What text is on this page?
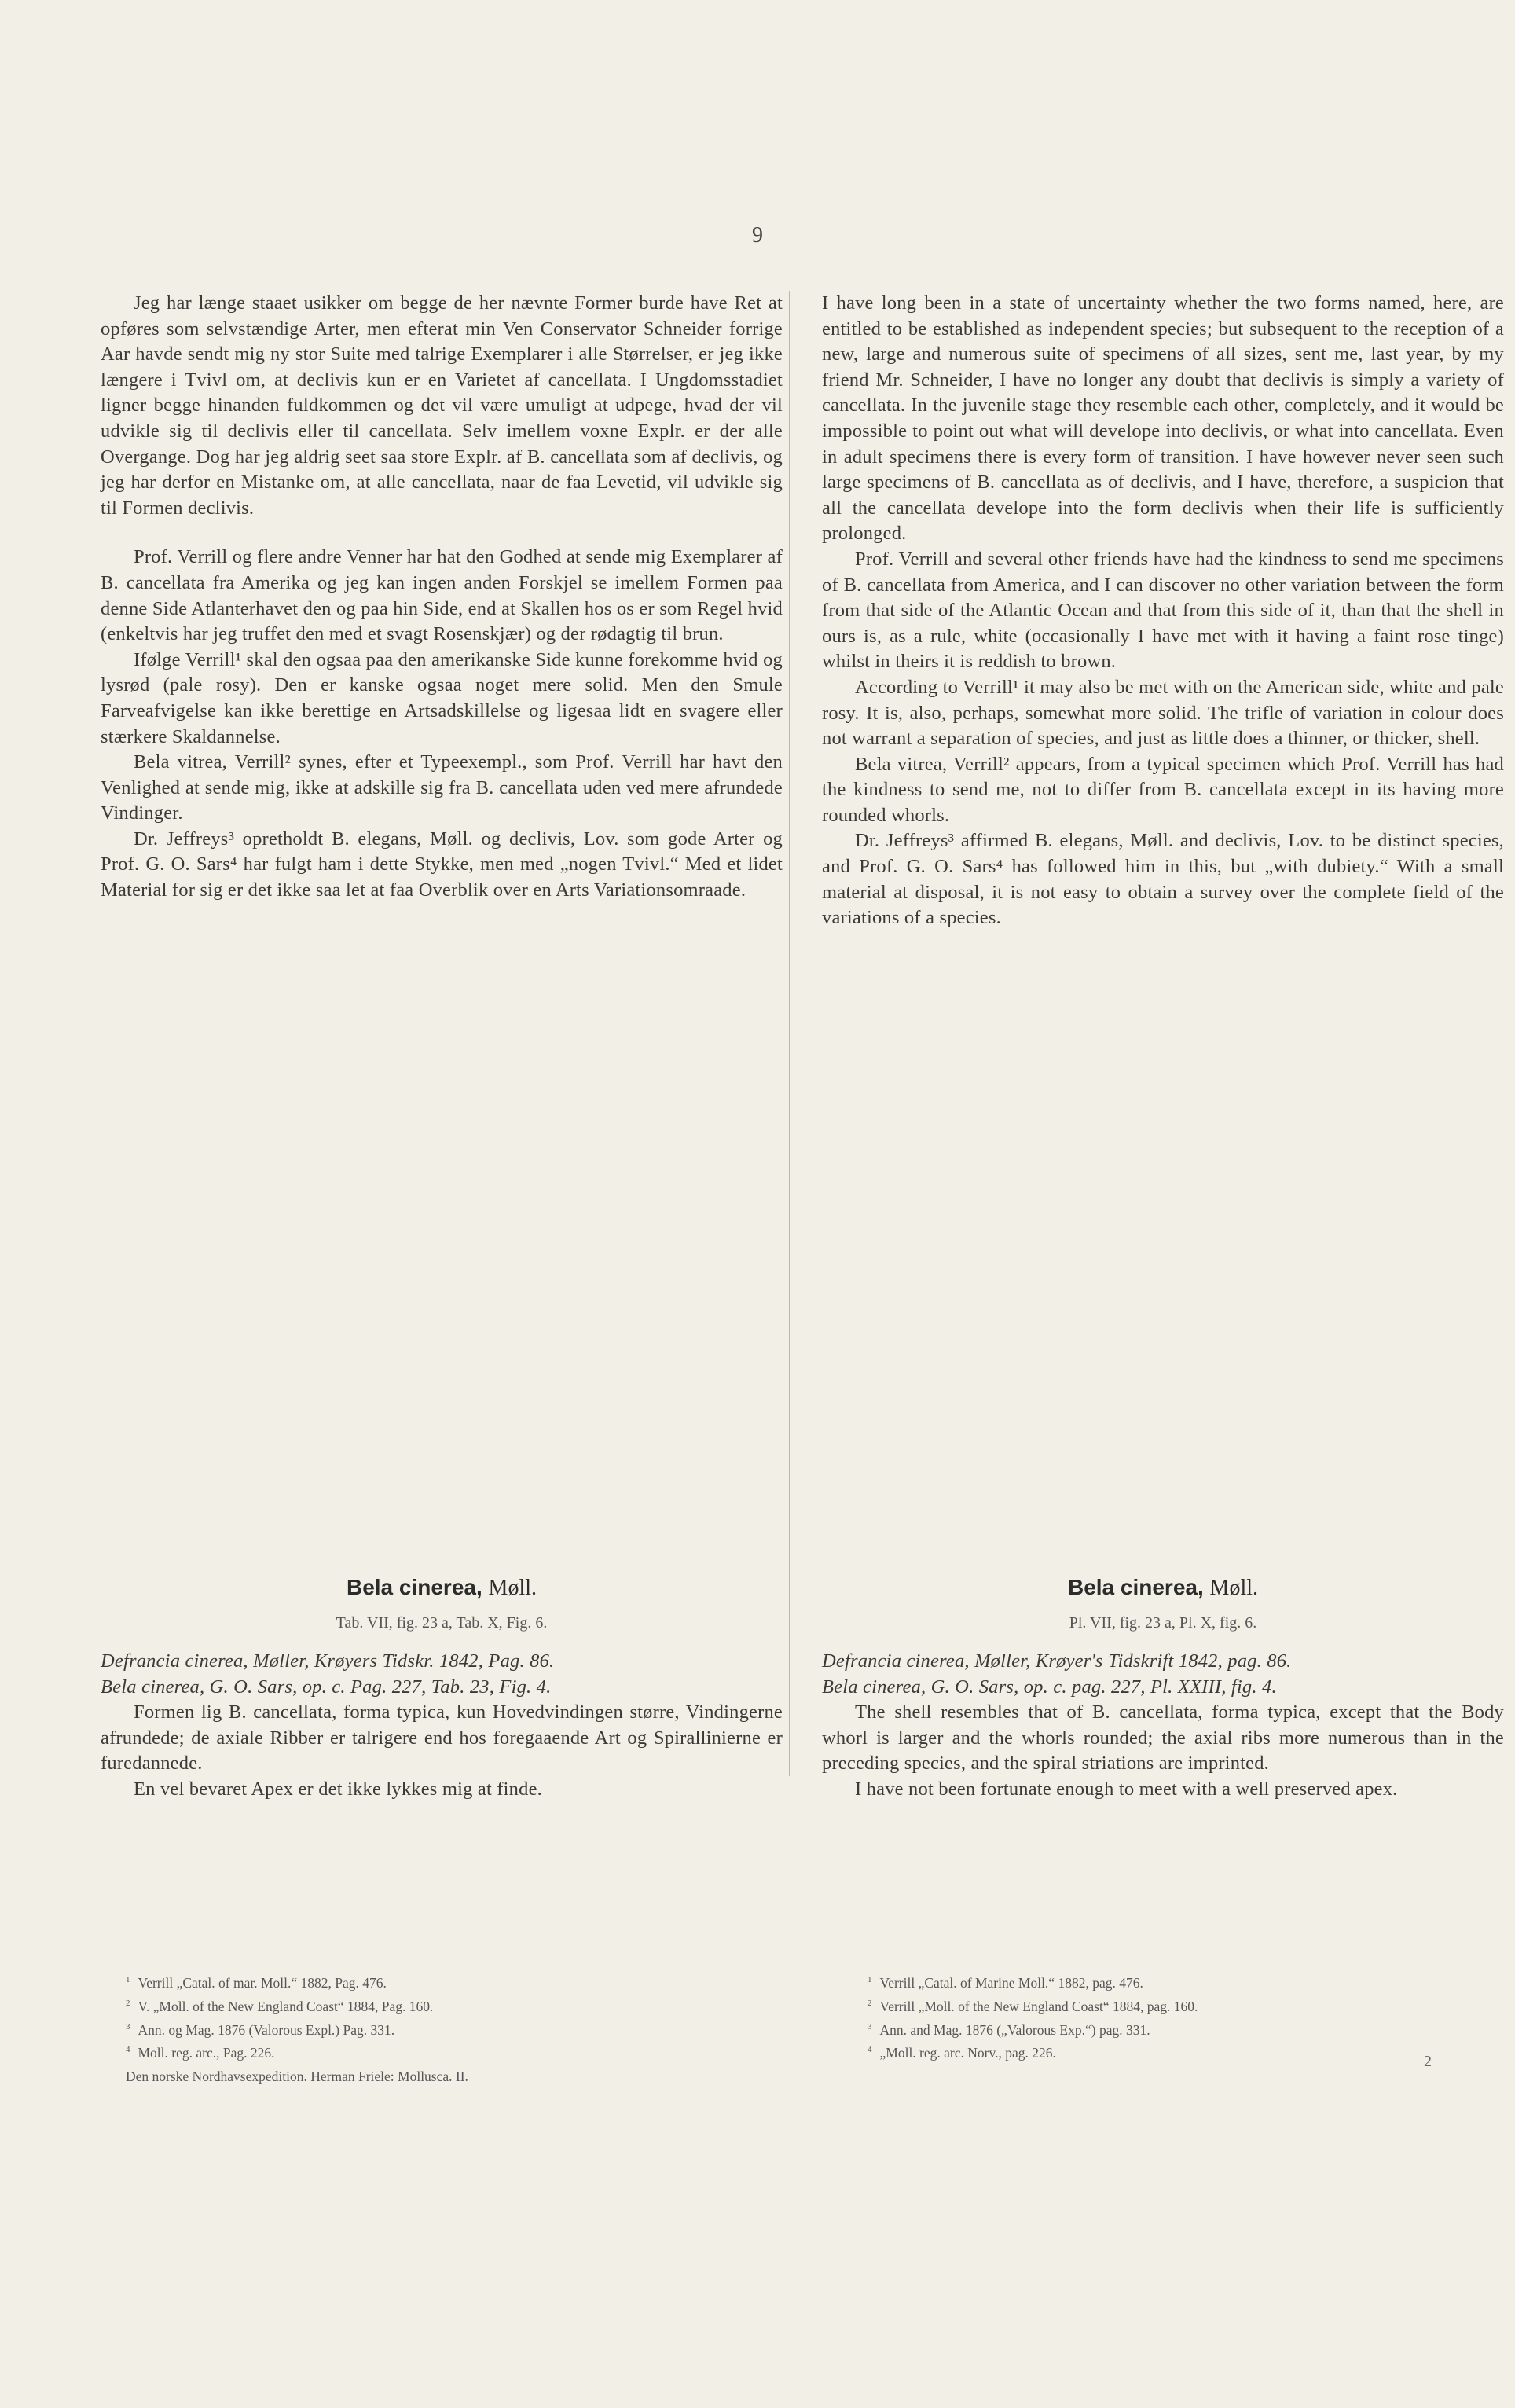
9

Jeg har længe staaet usikker om begge de her nævnte Former burde have Ret at opføres som selvstændige Arter, men efterat min Ven Conservator Schneider forrige Aar havde sendt mig ny stor Suite med talrige Exemplarer i alle Størrelser, er jeg ikke længere i Tvivl om, at declivis kun er en Varietet af cancellata. I Ungdomsstadiet ligner begge hinanden fuldkommen og det vil være umuligt at udpege, hvad der vil udvikle sig til declivis eller til cancellata. Selv imellem voxne Explr. er der alle Overgange. Dog har jeg aldrig seet saa store Explr. af B. cancellata som af declivis, og jeg har derfor en Mistanke om, at alle cancellata, naar de faa Levetid, vil udvikle sig til Formen declivis.

Prof. Verrill og flere andre Venner har hat den Godhed at sende mig Exemplarer af B. cancellata fra Amerika og jeg kan ingen anden Forskjel se imellem Formen paa denne Side Atlanterhavet den og paa hin Side, end at Skallen hos os er som Regel hvid (enkeltvis har jeg truffet den med et svagt Rosenskjær) og der rødagtig til brun.

Ifølge Verrill¹ skal den ogsaa paa den amerikanske Side kunne forekomme hvid og lysrød (pale rosy). Den er kanske ogsaa noget mere solid. Men den Smule Farveafvigelse kan ikke berettige en Artsadskillelse og ligesaa lidt en svagere eller stærkere Skaldannelse.

Bela vitrea, Verrill² synes, efter et Typeexempl., som Prof. Verrill har havt den Venlighed at sende mig, ikke at adskille sig fra B. cancellata uden ved mere afrundede Vindinger.

Dr. Jeffreys³ opretholdt B. elegans, Møll. og declivis, Lov. som gode Arter og Prof. G. O. Sars⁴ har fulgt ham i dette Stykke, men med „nogen Tvivl.“ Med et lidet Material for sig er det ikke saa let at faa Overblik over en Arts Variationsomraade.

I have long been in a state of uncertainty whether the two forms named, here, are entitled to be established as independent species; but subsequent to the reception of a new, large and numerous suite of specimens of all sizes, sent me, last year, by my friend Mr. Schneider, I have no longer any doubt that declivis is simply a variety of cancellata. In the juvenile stage they resemble each other, completely, and it would be impossible to point out what will develope into declivis, or what into cancellata. Even in adult specimens there is every form of transition. I have however never seen such large specimens of B. cancellata as of declivis, and I have, therefore, a suspicion that all the cancellata develope into the form declivis when their life is sufficiently prolonged.

Prof. Verrill and several other friends have had the kindness to send me specimens of B. cancellata from America, and I can discover no other variation between the form from that side of the Atlantic Ocean and that from this side of it, than that the shell in ours is, as a rule, white (occasionally I have met with it having a faint rose tinge) whilst in theirs it is reddish to brown.

According to Verrill¹ it may also be met with on the American side, white and pale rosy. It is, also, perhaps, somewhat more solid. The trifle of variation in colour does not warrant a separation of species, and just as little does a thinner, or thicker, shell.

Bela vitrea, Verrill² appears, from a typical specimen which Prof. Verrill has had the kindness to send me, not to differ from B. cancellata except in its having more rounded whorls.

Dr. Jeffreys³ affirmed B. elegans, Møll. and declivis, Lov. to be distinct species, and Prof. G. O. Sars⁴ has followed him in this, but „with dubiety.“ With a small material at disposal, it is not easy to obtain a survey over the complete field of the variations of a species.

Bela cinerea, Møll.
Tab. VII, fig. 23 a, Tab. X, Fig. 6.

Defrancia cinerea, Møller, Krøyers Tidskr. 1842, Pag. 86.

Bela cinerea, G. O. Sars, op. c. Pag. 227, Tab. 23, Fig. 4.

Formen lig B. cancellata, forma typica, kun Hovedvindingen større, Vindingerne afrundede; de axiale Ribber er talrigere end hos foregaaende Art og Spirallinierne er furedannede.

En vel bevaret Apex er det ikke lykkes mig at finde.

Bela cinerea, Møll.
Pl. VII, fig. 23 a, Pl. X, fig. 6.

Defrancia cinerea, Møller, Krøyer's Tidskrift 1842, pag. 86.

Bela cinerea, G. O. Sars, op. c. pag. 227, Pl. XXIII, fig. 4.

The shell resembles that of B. cancellata, forma typica, except that the Body whorl is larger and the whorls rounded; the axial ribs more numerous than in the preceding species, and the spiral striations are imprinted.

I have not been fortunate enough to meet with a well preserved apex.

$^1$ Verrill „Catal. of mar. Moll.“ 1882, Pag. 476.
$^2$ V. „Moll. of the New England Coast“ 1884, Pag. 160.
$^3$ Ann. og Mag. 1876 (Valorous Expl.) Pag. 331.
$^4$ Moll. reg. arc., Pag. 226.
Den norske Nordhavsexpedition. Herman Friele: Mollusca. II.
$^1$ Verrill „Catal. of Marine Moll.“ 1882, pag. 476.
$^2$ Verrill „Moll. of the New England Coast“ 1884, pag. 160.
$^3$ Ann. and Mag. 1876 („Valorous Exp.“) pag. 331.
$^4$ „Moll. reg. arc. Norv., pag. 226.	2
